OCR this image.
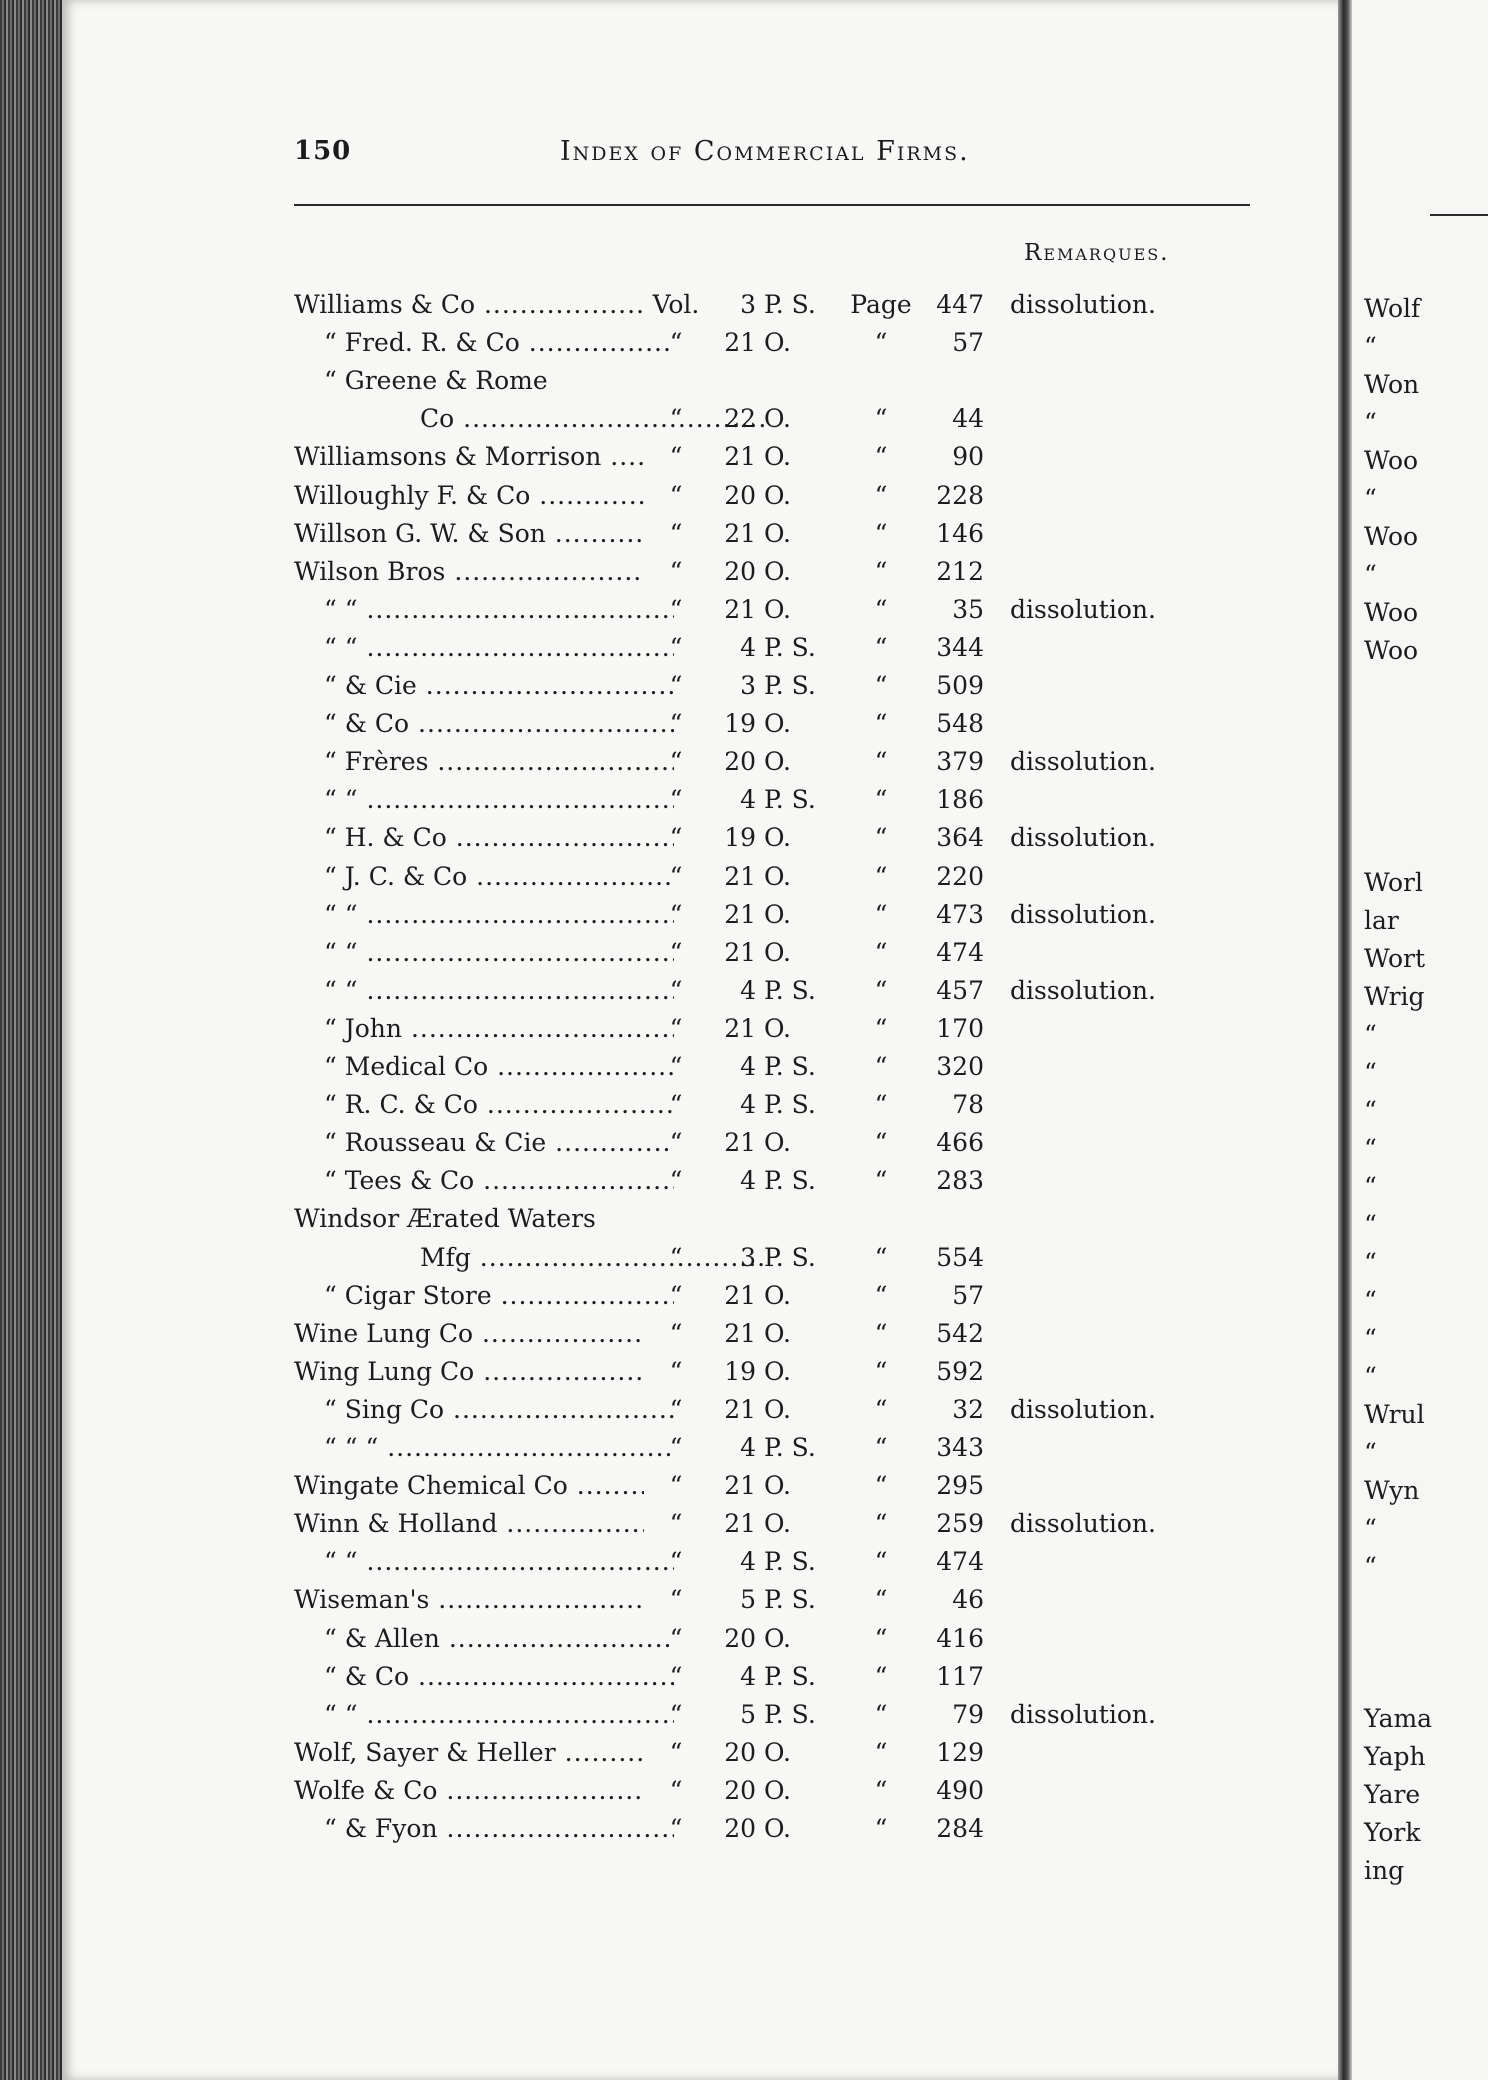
Wolf
“
Won
“
Woo
“
Woo
“
Woo
Woo
Worl
lar
Wort
Wrig
“
“
“
“
“
“
“
“
“
“
Wrul
“
Wyn
“
“
Yama
Yaph
Yare
York
ing
150	Index of Commercial Firms.
Remarques.
Williams & Co .....	Vol.	3 P. S.	Page 447 dissolution.
“ Fred. R. & Co .....	“	21 O.	“	57
“ Greene & Rome
Co .....	“	22 O.	“	44
Williamsons & Morrison .....	“	21 O.	“	90
Willoughly F. & Co .....	“	20 O.	“	228
Willson G. W. & Son .....	“	21 O.	“	146
Wilson Bros .....	“	20 O.	“	212
“ “ .....	“	21 O.	“	35 dissolution.
“ “ .....	“	4 P. S.	“	344
“ & Cie .....	“	3 P. S.	“	509
“ & Co .....	“	19 O.	“	548
“ Frères .....	“	20 O.	“	379 dissolution.
“ “ .....	“	4 P. S.	“	186
“ H. & Co .....	“	19 O.	“	364 dissolution.
“ J. C. & Co .....	“	21 O.	“	220
“ “ .....	“	21 O.	“	473 dissolution.
“ “ .....	“	21 O.	“	474
“ “ .....	“	4 P. S.	“	457 dissolution.
“ John .....	“	21 O.	“	170
“ Medical Co .....	“	4 P. S.	“	320
“ R. C. & Co .....	“	4 P. S.	“	78
“ Rousseau & Cie .....	“	21 O.	“	466
“ Tees & Co .....	“	4 P. S.	“	283
Windsor Ærated Waters
Mfg .....	“	3 P. S.	“	554
“ Cigar Store .....	“	21 O.	“	57
Wine Lung Co .....	“	21 O.	“	542
Wing Lung Co .....	“	19 O.	“	592
“ Sing Co .....	“	21 O.	“	32 dissolution.
“ “ “ .....	“	4 P. S.	“	343
Wingate Chemical Co .....	“	21 O.	“	295
Winn & Holland .....	“	21 O.	“	259 dissolution.
“ “ .....	“	4 P. S.	“	474
Wiseman's .....	“	5 P. S.	“	46
“ & Allen .....	“	20 O.	“	416
“ & Co .....	“	4 P. S.	“	117
“ “ .....	“	5 P. S.	“	79 dissolution.
Wolf, Sayer & Heller .....	“	20 O.	“	129
Wolfe & Co .....	“	20 O.	“	490
“ & Fyon .....	“	20 O.	“	284
